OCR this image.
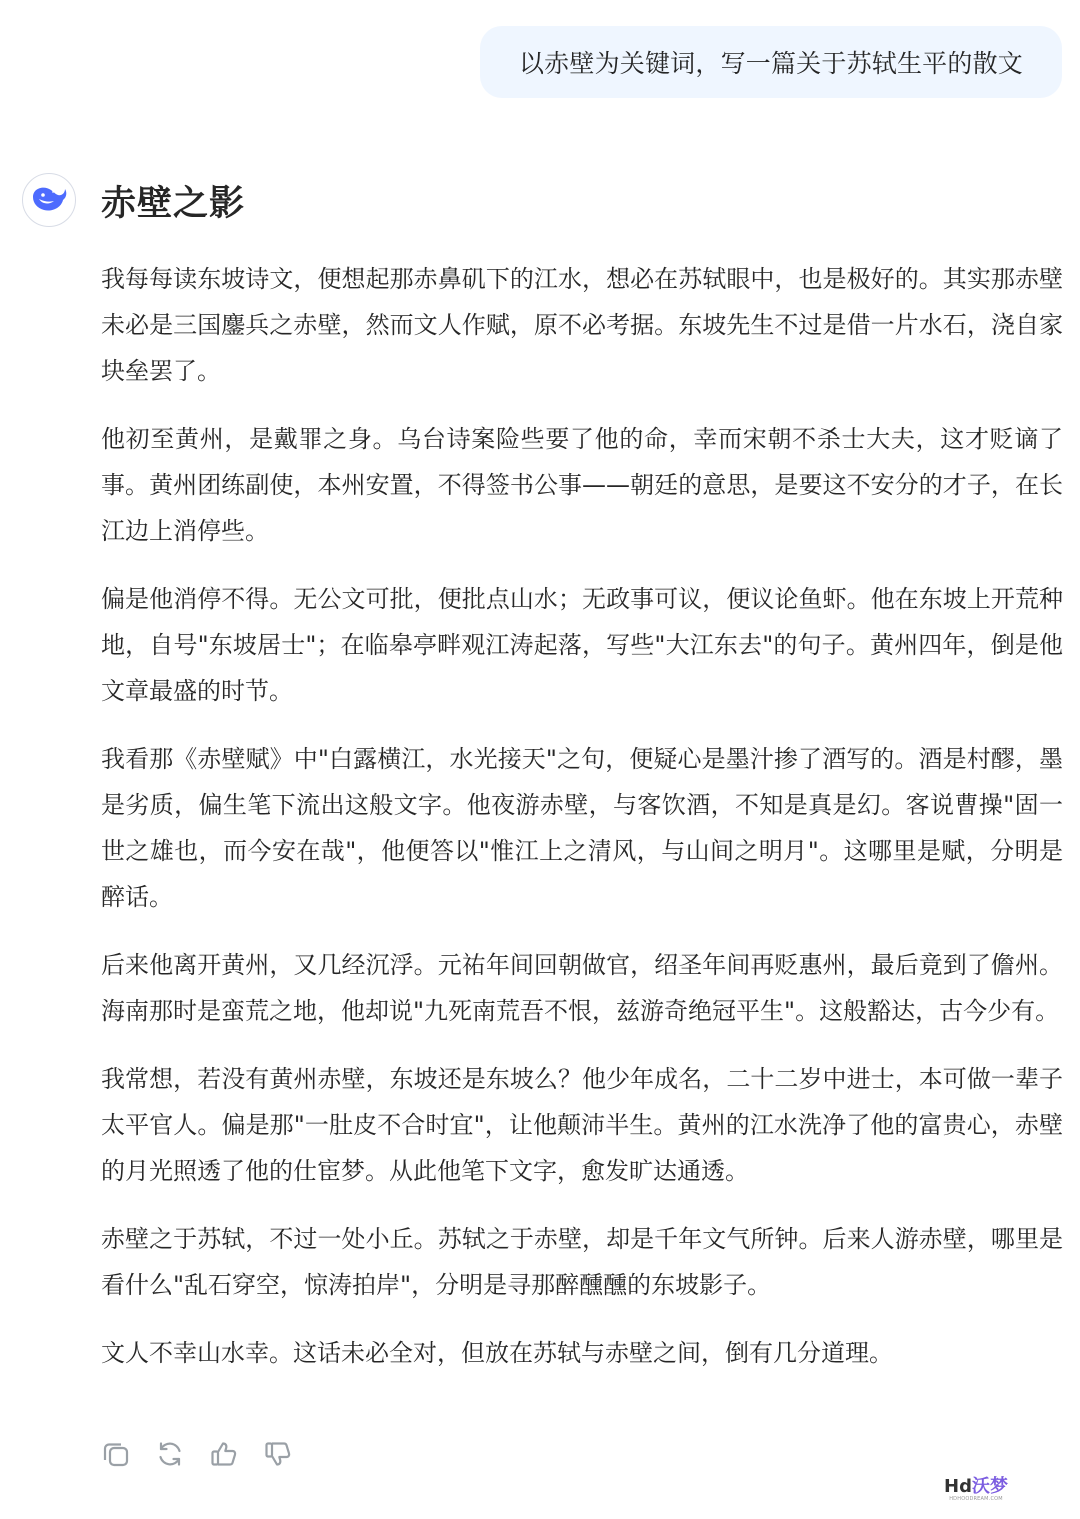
以赤壁为关键词，写一篇关于苏轼生平的散文
赤壁之影

我每每读东坡诗文，便想起那赤鼻矶下的江水，想必在苏轼眼中，也是极好的。其实那赤壁未必是三国鏖兵之赤壁，然而文人作赋，原不必考据。东坡先生不过是借一片水石，浇自家块垒罢了。

他初至黄州，是戴罪之身。乌台诗案险些要了他的命，幸而宋朝不杀士大夫，这才贬谪了事。黄州团练副使，本州安置，不得签书公事——朝廷的意思，是要这不安分的才子，在长江边上消停些。

偏是他消停不得。无公文可批，便批点山水；无政事可议，便议论鱼虾。他在东坡上开荒种地，自号"东坡居士"；在临皋亭畔观江涛起落，写些"大江东去"的句子。黄州四年，倒是他文章最盛的时节。

我看那《赤壁赋》中"白露横江，水光接天"之句，便疑心是墨汁掺了酒写的。酒是村醪，墨是劣质，偏生笔下流出这般文字。他夜游赤壁，与客饮酒，不知是真是幻。客说曹操"固一世之雄也，而今安在哉"，他便答以"惟江上之清风，与山间之明月"。这哪里是赋，分明是醉话。

后来他离开黄州，又几经沉浮。元祐年间回朝做官，绍圣年间再贬惠州，最后竟到了儋州。海南那时是蛮荒之地，他却说"九死南荒吾不恨，兹游奇绝冠平生"。这般豁达，古今少有。

我常想，若没有黄州赤壁，东坡还是东坡么？他少年成名，二十二岁中进士，本可做一辈子太平官人。偏是那"一肚皮不合时宜"，让他颠沛半生。黄州的江水洗净了他的富贵心，赤壁的月光照透了他的仕宦梦。从此他笔下文字，愈发旷达通透。

赤壁之于苏轼，不过一处小丘。苏轼之于赤壁，却是千年文气所钟。后来人游赤壁，哪里是看什么"乱石穿空，惊涛拍岸"，分明是寻那醉醺醺的东坡影子。

文人不幸山水幸。这话未必全对，但放在苏轼与赤壁之间，倒有几分道理。

Hd沃梦
HDHOODREAM.COM
